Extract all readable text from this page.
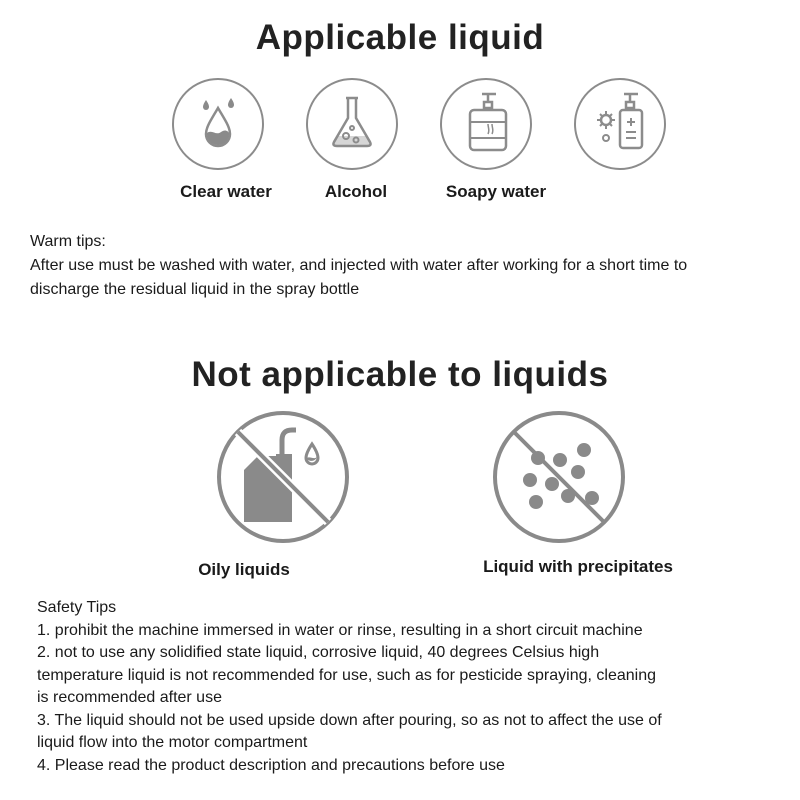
Applicable liquid
Clear water	Alcohol	Soapy water
Warm tips:
After use must be washed with water, and injected with water after working for a short time to
discharge the residual liquid in the spray bottle
Not applicable to liquids
Oily liquids	Liquid with precipitates
Safety Tips
1. prohibit the machine immersed in water or rinse, resulting in a short circuit machine
2. not to use any solidified state liquid, corrosive liquid, 40 degrees Celsius high
temperature liquid is not recommended for use, such as for pesticide spraying, cleaning
is recommended after use
3. The liquid should not be used upside down after pouring, so as not to affect the use of
liquid flow into the motor compartment
4. Please read the product description and precautions before use
